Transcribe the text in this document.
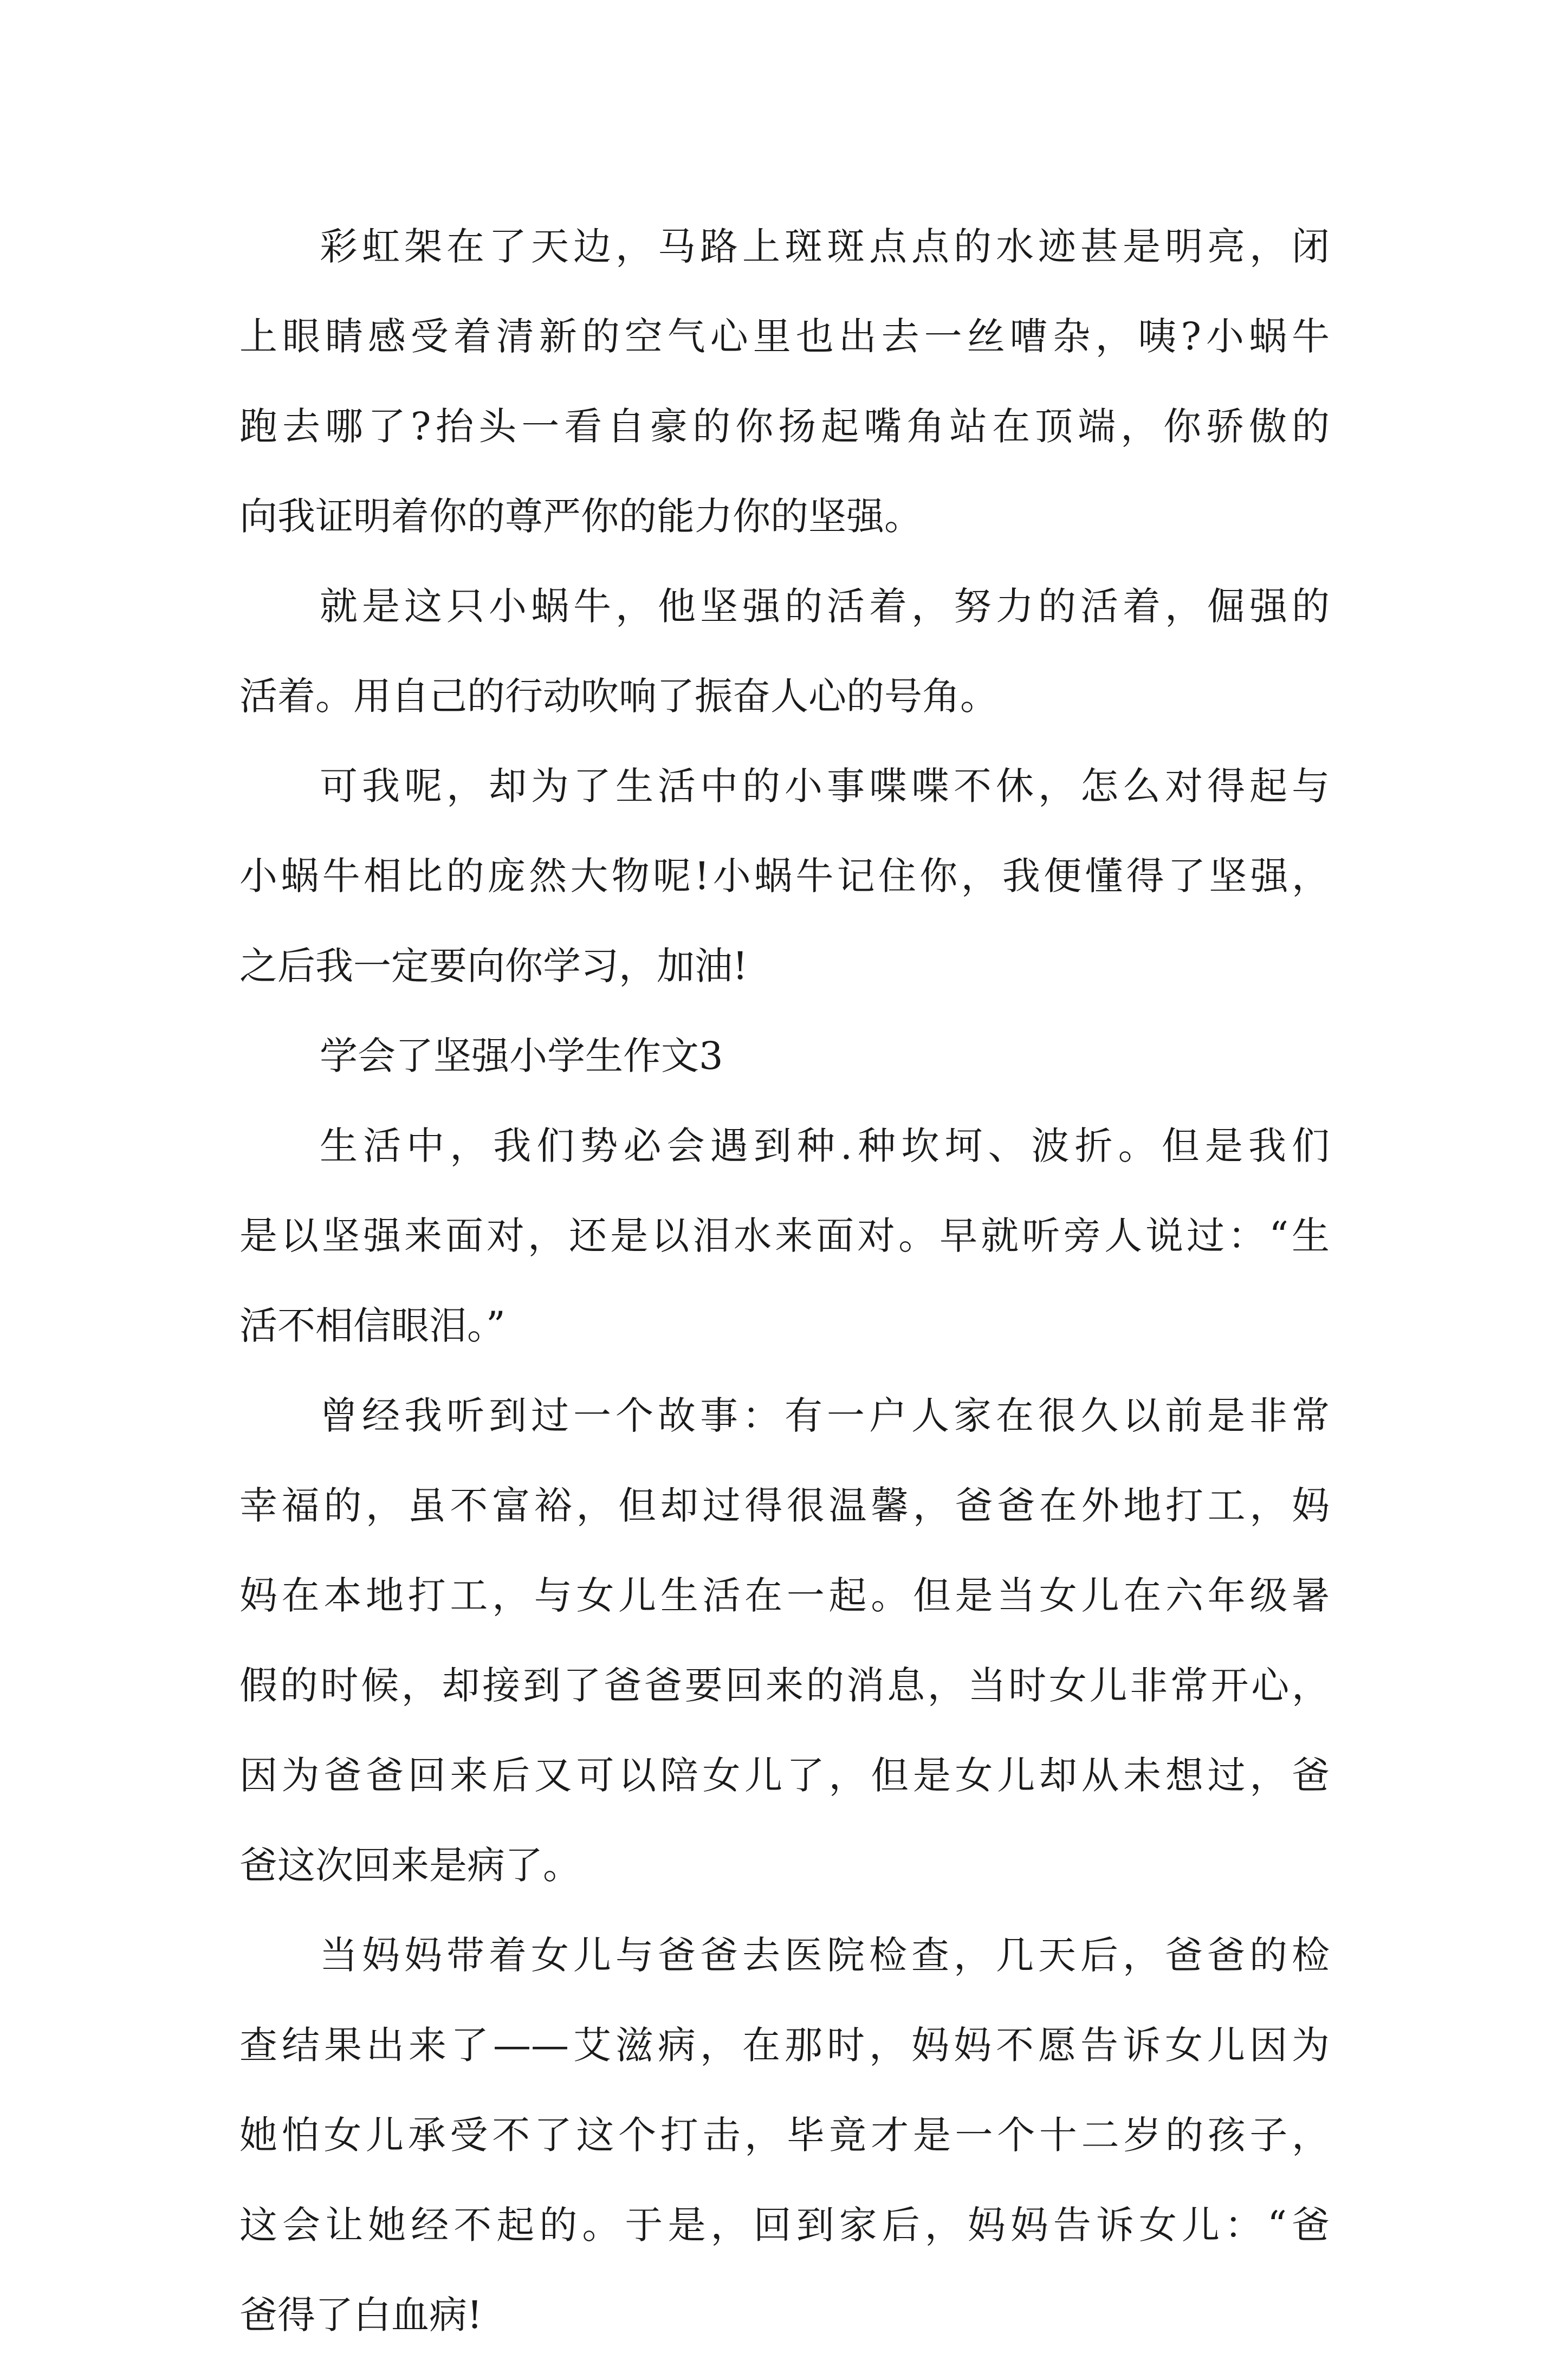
彩虹架在了天边，马路上斑斑点点的水迹甚是明亮，闭
上眼睛感受着清新的空气心里也出去一丝嘈杂，咦?小蜗牛
跑去哪了?抬头一看自豪的你扬起嘴角站在顶端，你骄傲的
向我证明着你的尊严你的能力你的坚强。
就是这只小蜗牛，他坚强的活着，努力的活着，倔强的
活着。用自己的行动吹响了振奋人心的号角。
可我呢，却为了生活中的小事喋喋不休，怎么对得起与
小蜗牛相比的庞然大物呢!小蜗牛记住你，我便懂得了坚强，
之后我一定要向你学习，加油!
学会了坚强小学生作文3
生活中，我们势必会遇到种.种坎坷、波折。但是我们
是以坚强来面对，还是以泪水来面对。早就听旁人说过：“生
活不相信眼泪。”
曾经我听到过一个故事：有一户人家在很久以前是非常
幸福的，虽不富裕，但却过得很温馨，爸爸在外地打工，妈
妈在本地打工，与女儿生活在一起。但是当女儿在六年级暑
假的时候，却接到了爸爸要回来的消息，当时女儿非常开心，
因为爸爸回来后又可以陪女儿了，但是女儿却从未想过，爸
爸这次回来是病了。
当妈妈带着女儿与爸爸去医院检查，几天后，爸爸的检
查结果出来了——艾滋病，在那时，妈妈不愿告诉女儿因为
她怕女儿承受不了这个打击，毕竟才是一个十二岁的孩子，
这会让她经不起的。于是，回到家后，妈妈告诉女儿：“爸
爸得了白血病!
